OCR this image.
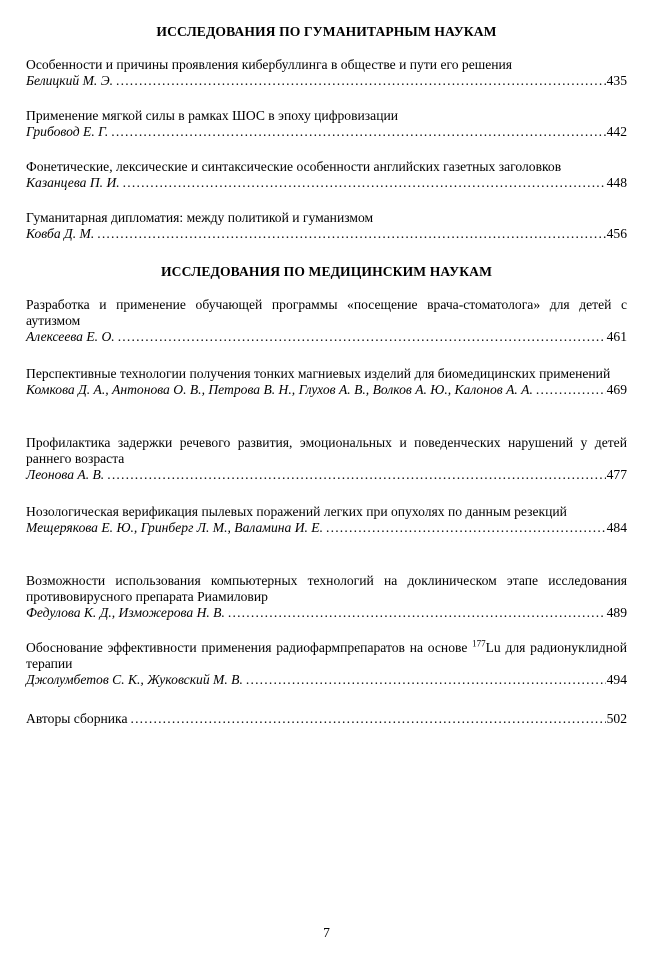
ИССЛЕДОВАНИЯ ПО ГУМАНИТАРНЫМ НАУКАМ
Особенности и причины проявления кибербуллинга в обществе и пути его решения
Белицкий М. Э. .....	435
Применение мягкой силы в рамках ШОС в эпоху цифровизации
Грибовод Е. Г. .....	442
Фонетические, лексические и синтаксические особенности английских газетных заголовков
Казанцева П. И. .....	448
Гуманитарная дипломатия: между политикой и гуманизмом
Ковба Д. М. .....	456
ИССЛЕДОВАНИЯ ПО МЕДИЦИНСКИМ НАУКАМ
Разработка и применение обучающей программы «посещение врача-стоматолога» для детей с аутизмом
Алексеева Е. О. .....	461
Перспективные технологии получения тонких магниевых изделий для биомедицинских применений
Комкова Д. А., Антонова О. В., Петрова В. Н., Глухов А. В., Волков А. Ю., Калонов А. А. .....	469
Профилактика задержки речевого развития, эмоциональных и поведенческих нарушений у детей раннего возраста
Леонова А. В. .....	477
Нозологическая верификация пылевых поражений легких при опухолях по данным резекций
Мещерякова Е. Ю., Гринберг Л. М., Валамина И. Е. .....	484
Возможности использования компьютерных технологий на доклиническом этапе исследования противовирусного препарата Риамиловир
Федулова К. Д., Изможерова Н. В. .....	489
Обоснование эффективности применения радиофармпрепаратов на основе $^{177}$Lu для радионуклидной терапии
Джолумбетов С. К., Жуковский М. В. .....	494
Авторы сборника .....	502
7
